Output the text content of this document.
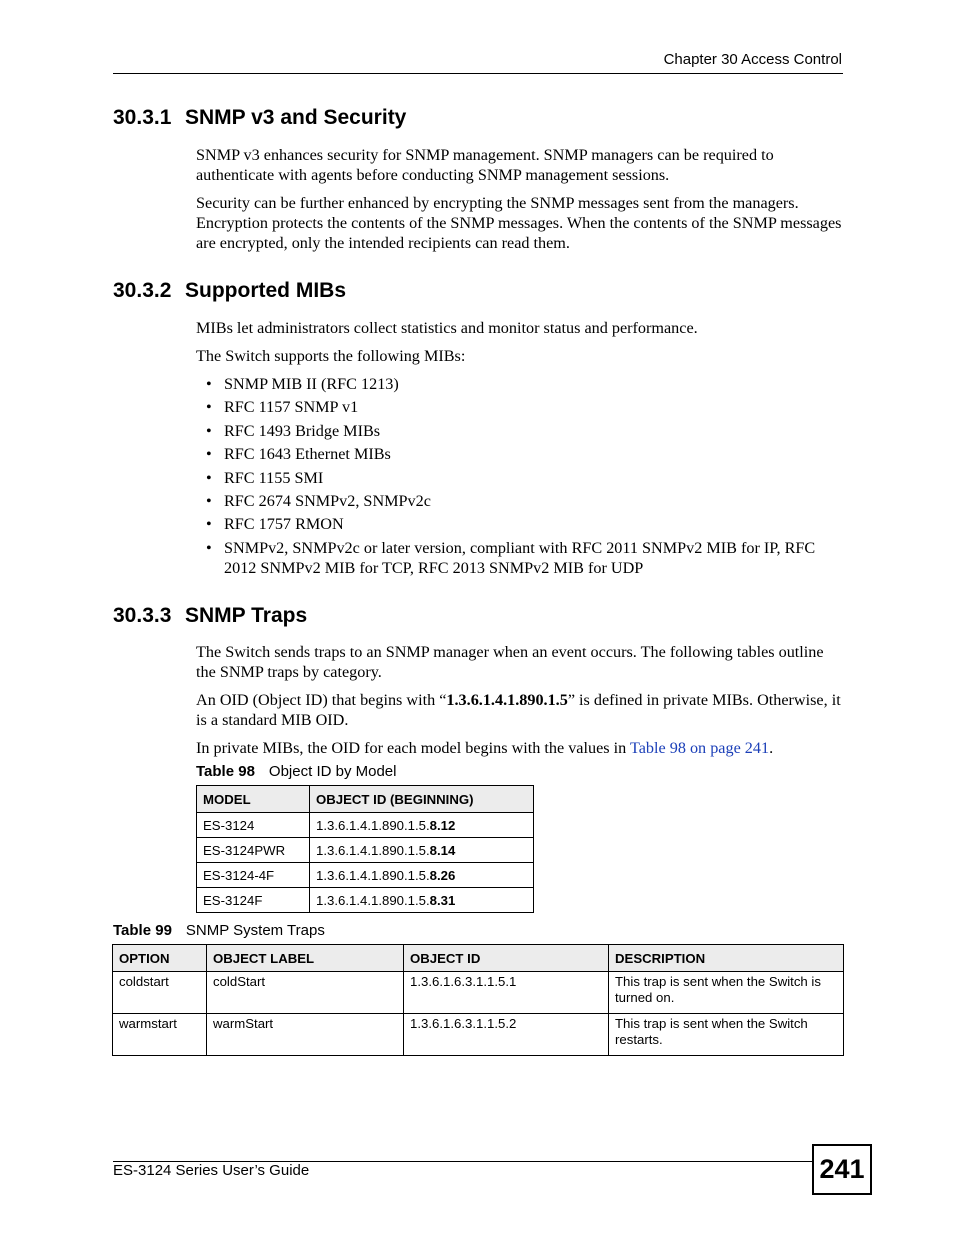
Chapter 30 Access Control
30.3.1 SNMP v3 and Security

SNMP v3 enhances security for SNMP management. SNMP managers can be required to authenticate with agents before conducting SNMP management sessions.

Security can be further enhanced by encrypting the SNMP messages sent from the managers. Encryption protects the contents of the SNMP messages. When the contents of the SNMP messages are encrypted, only the intended recipients can read them.

30.3.2 Supported MIBs

MIBs let administrators collect statistics and monitor status and performance.

The Switch supports the following MIBs:

• SNMP MIB II (RFC 1213)
• RFC 1157 SNMP v1
• RFC 1493 Bridge MIBs
• RFC 1643 Ethernet MIBs
• RFC 1155 SMI
• RFC 2674 SNMPv2, SNMPv2c
• RFC 1757 RMON
• SNMPv2, SNMPv2c or later version, compliant with RFC 2011 SNMPv2 MIB for IP, RFC 2012 SNMPv2 MIB for TCP, RFC 2013 SNMPv2 MIB for UDP
30.3.3 SNMP Traps

The Switch sends traps to an SNMP manager when an event occurs. The following tables outline the SNMP traps by category.

An OID (Object ID) that begins with “1.3.6.1.4.1.890.1.5” is defined in private MIBs. Otherwise, it is a standard MIB OID.

In private MIBs, the OID for each model begins with the values in Table 98 on page 241.

Table 98 Object ID by Model
MODEL	OBJECT ID (BEGINNING)
ES-3124	1.3.6.1.4.1.890.1.5.8.12
ES-3124PWR	1.3.6.1.4.1.890.1.5.8.14
ES-3124-4F	1.3.6.1.4.1.890.1.5.8.26
ES-3124F	1.3.6.1.4.1.890.1.5.8.31
Table 99 SNMP System Traps
OPTION	OBJECT LABEL	OBJECT ID	DESCRIPTION
coldstart	coldStart	1.3.6.1.6.3.1.1.5.1	This trap is sent when the Switch is turned on.
warmstart	warmStart	1.3.6.1.6.3.1.1.5.2	This trap is sent when the Switch restarts.
ES-3124 Series User’s Guide	241
